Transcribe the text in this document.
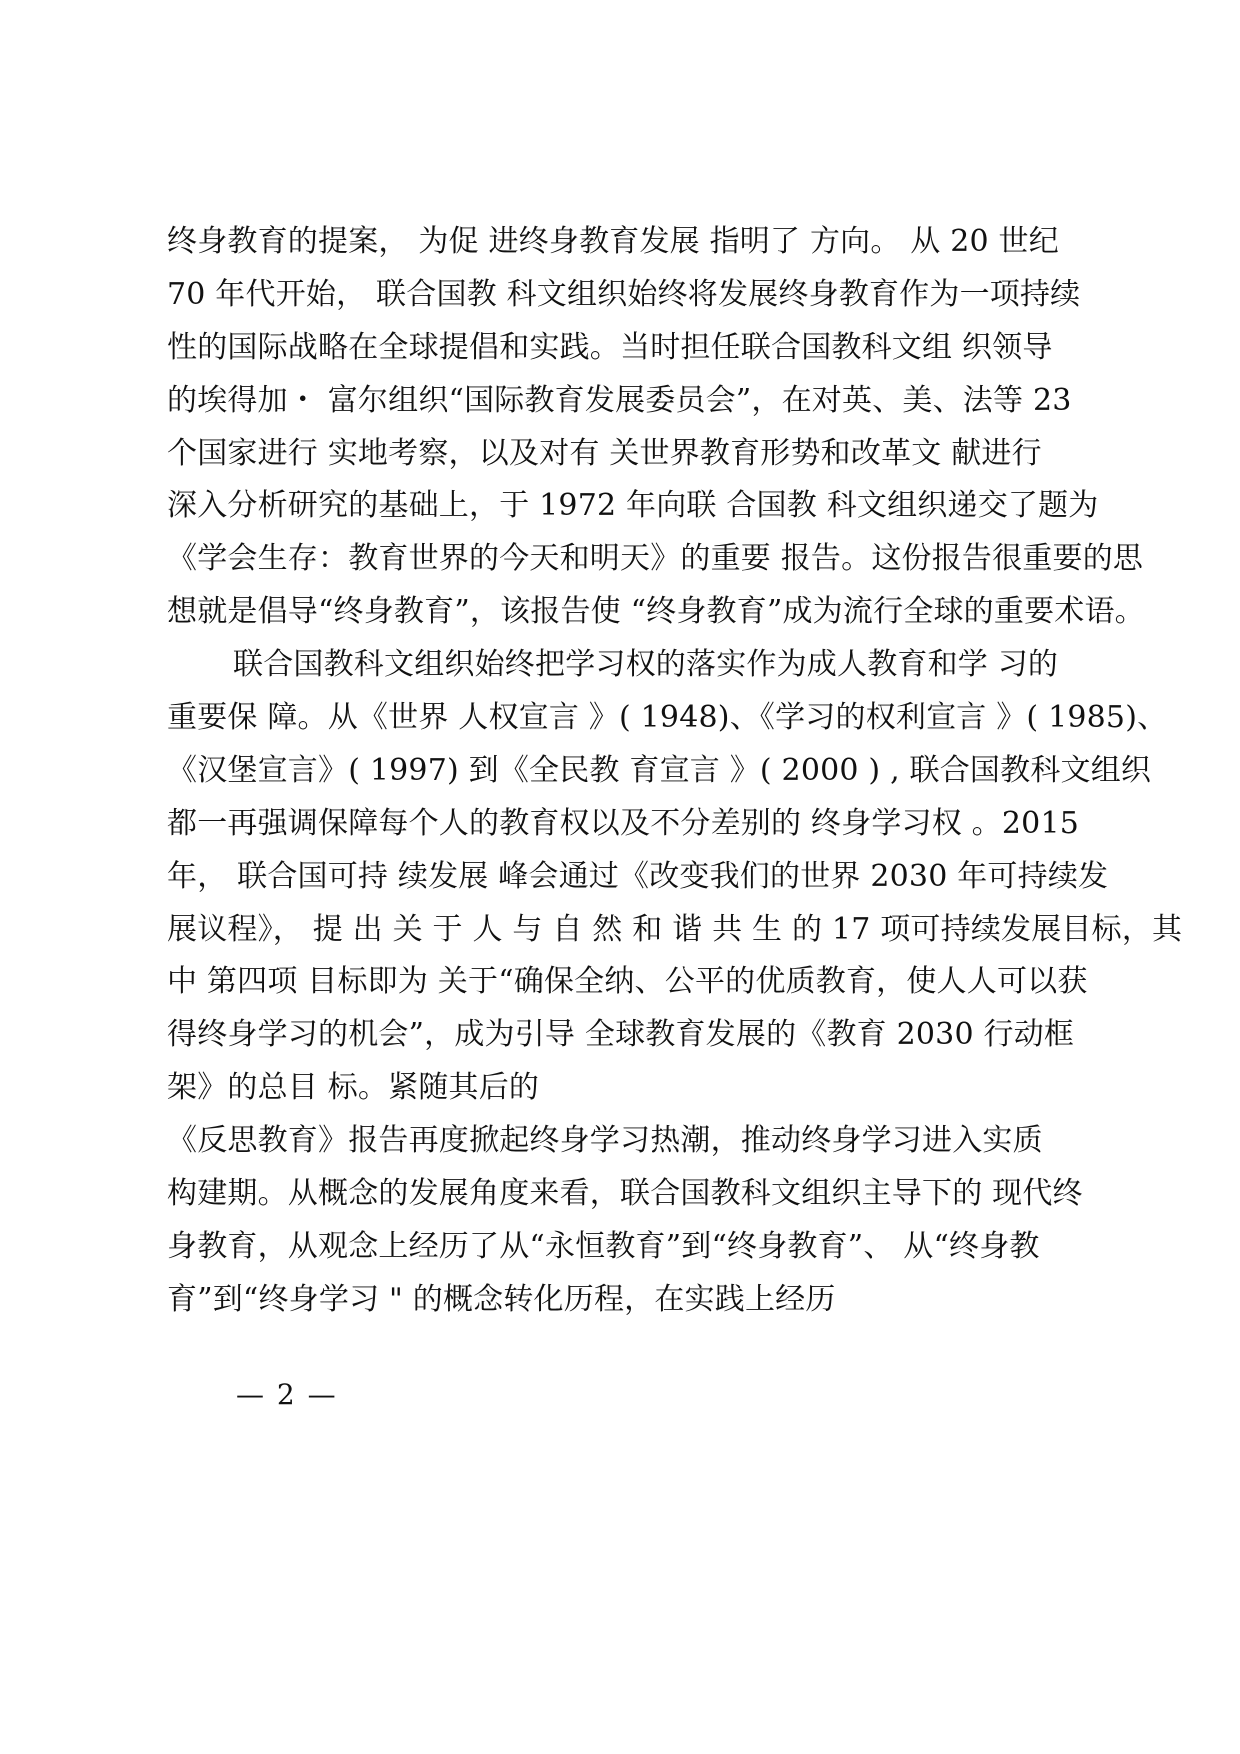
终身教育的提案， 为促 进终身教育发展 指明了 方向。 从 20 世纪
70 年代开始， 联合国教 科文组织始终将发展终身教育作为一项持续
性的国际战略在全球提倡和实践。当时担任联合国教科文组 织领导
的埃得加・ 富尔组织“国际教育发展委员会”，在对英、美、法等 23
个国家进行 实地考察，以及对有 关世界教育形势和改革文 献进行
深入分析研究的基础上，于 1972 年向联 合国教 科文组织递交了题为
《学会生存：教育世界的今天和明天》的重要 报告。这份报告很重要的思
想就是倡导“终身教育”，该报告使 “终身教育”成为流行全球的重要术语。
联合国教科文组织始终把学习权的落实作为成人教育和学 习的
重要保 障。从《世界 人权宣言 》( 1948)、《学习的权利宣言 》( 1985)、
《汉堡宣言》( 1997) 到《全民教 育宣言 》( 2000 ) , 联合国教科文组织
都一再强调保障每个人的教育权以及不分差别的 终身学习权 。2015
年， 联合国可持 续发展 峰会通过《改变我们的世界 2030 年可持续发
展议程》， 提 出 关 于 人 与 自 然 和 谐 共 生 的 17 项可持续发展目标，其
中 第四项 目标即为 关于“确保全纳、公平的优质教育，使人人可以获
得终身学习的机会”，成为引导 全球教育发展的《教育 2030 行动框
架》的总目 标。紧随其后的
《反思教育》报告再度掀起终身学习热潮，推动终身学习进入实质
构建期。从概念的发展角度来看，联合国教科文组织主导下的 现代终
身教育，从观念上经历了从“永恒教育”到“终身教育”、 从“终身教
育”到“终身学习 " 的概念转化历程，在实践上经历
— 2 —
